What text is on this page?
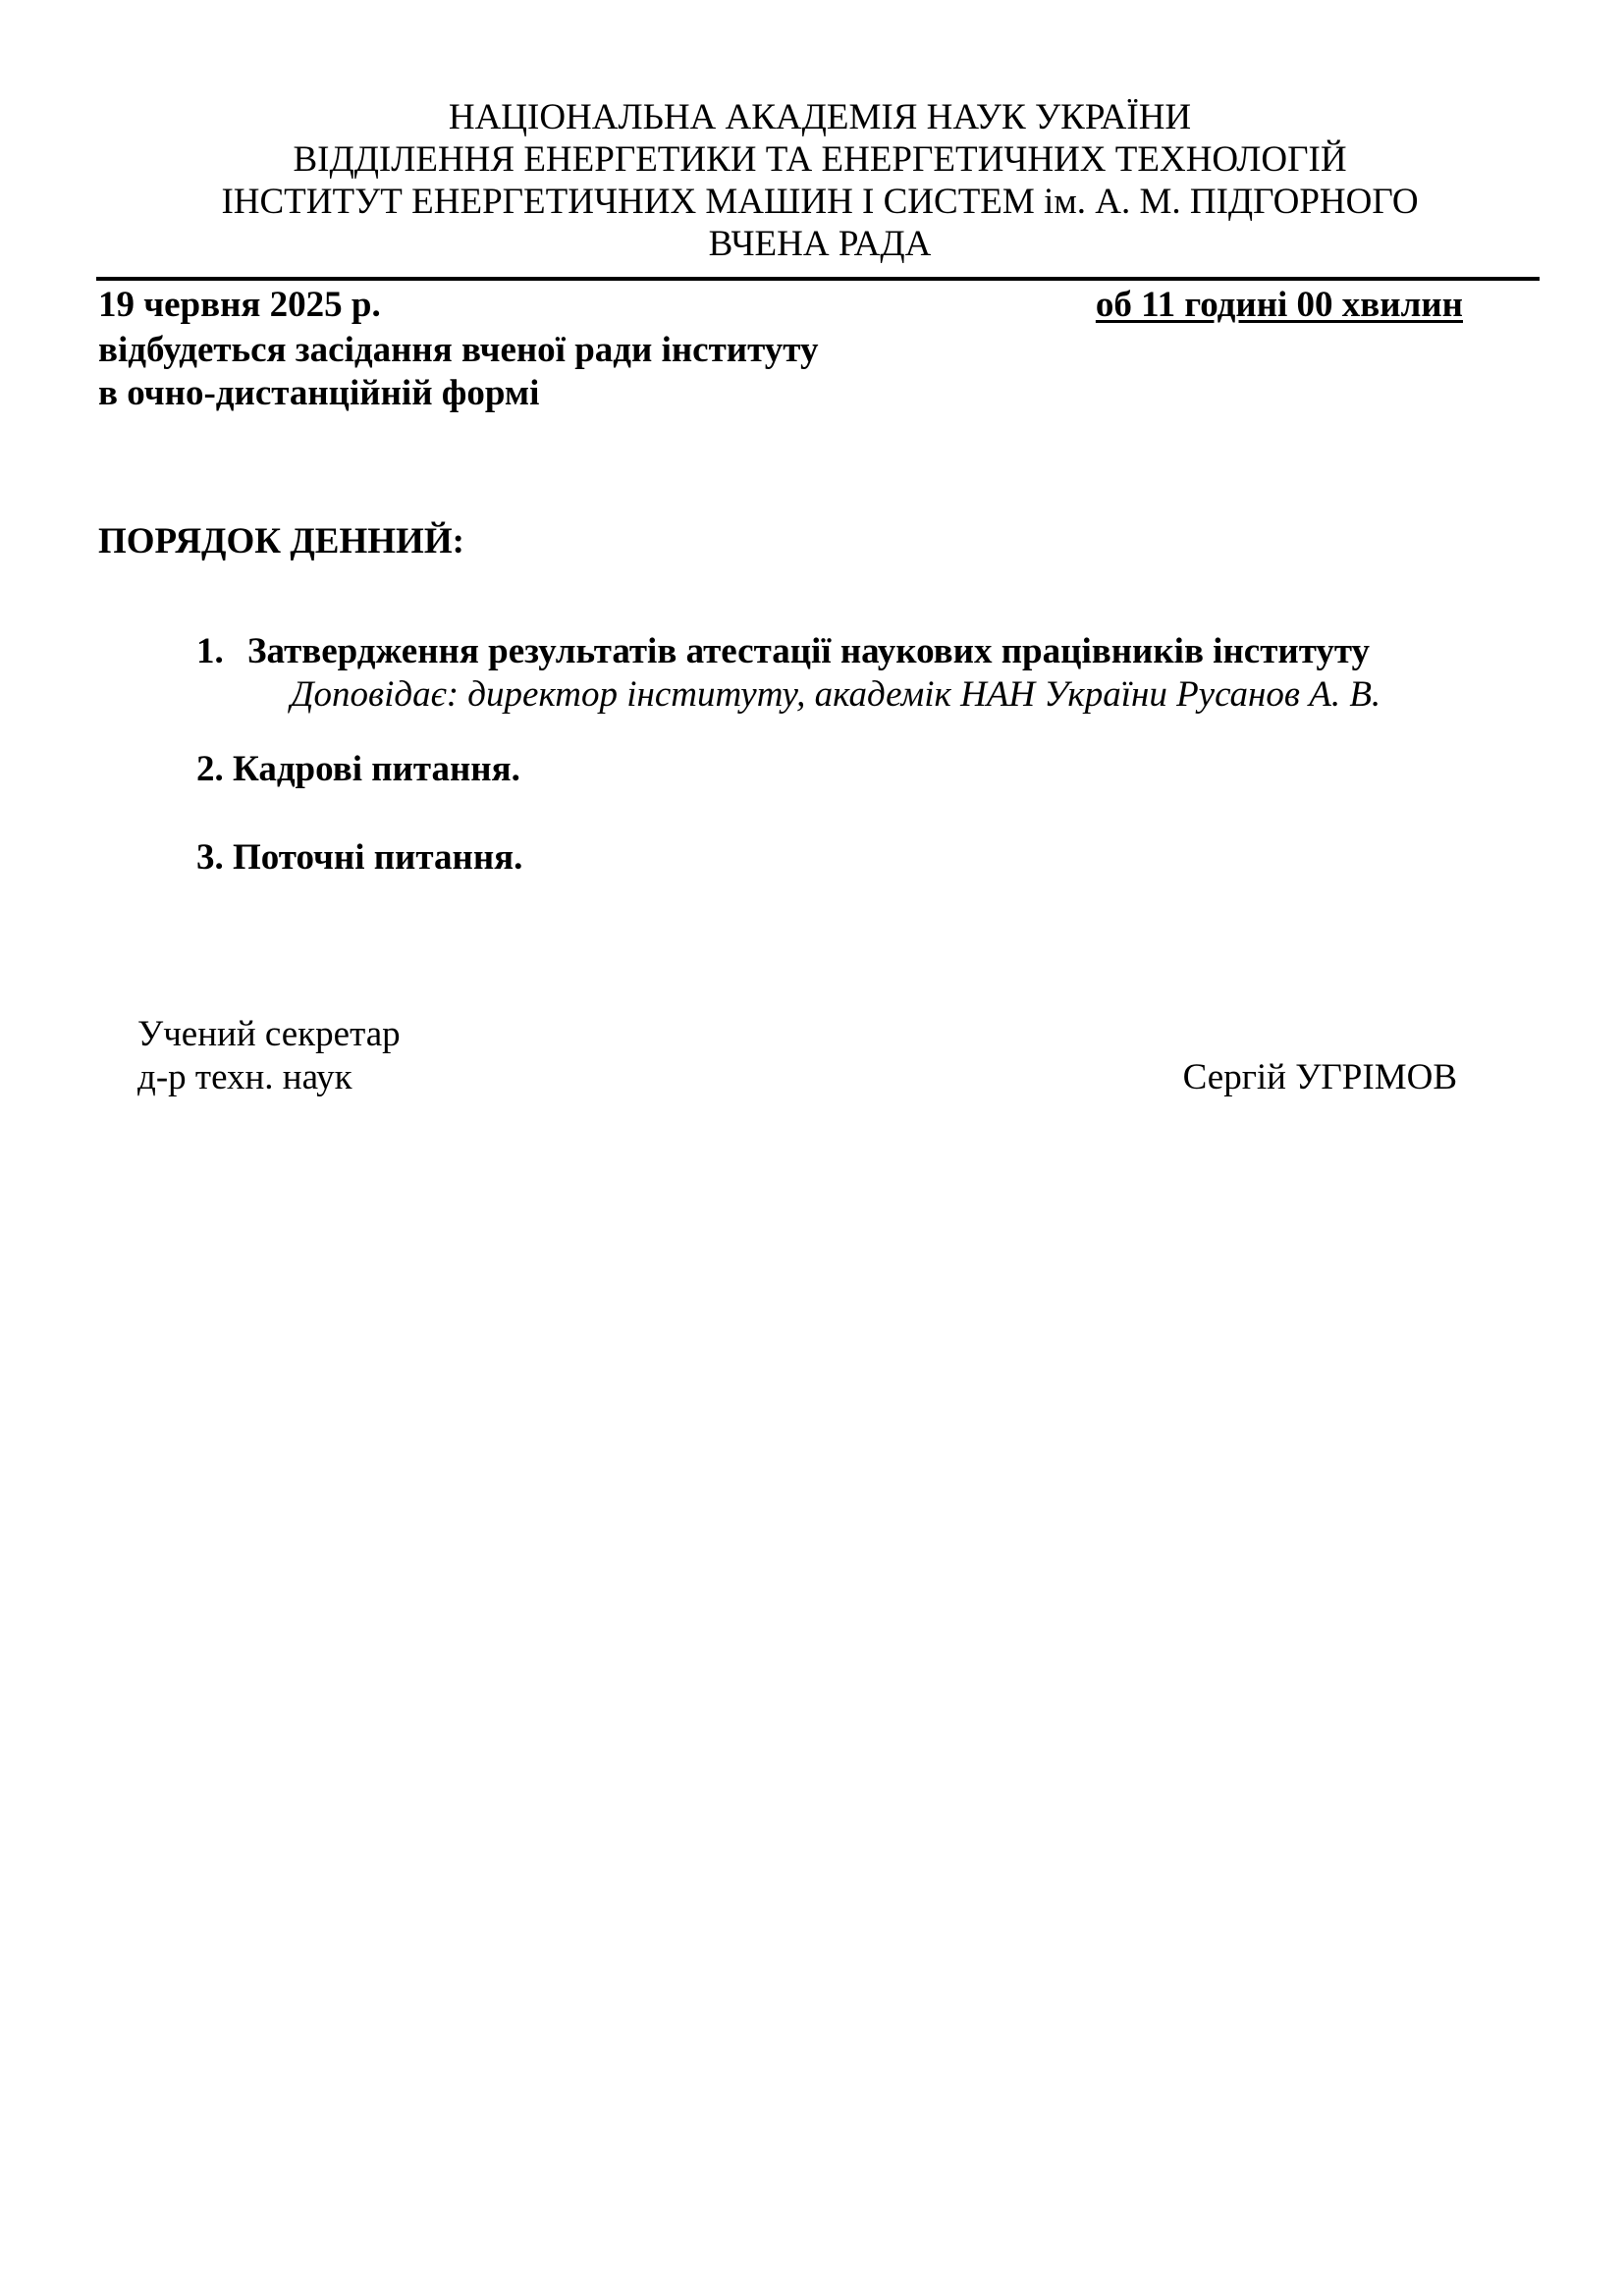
НАЦІОНАЛЬНА АКАДЕМІЯ НАУК УКРАЇНИ
ВІДДІЛЕННЯ ЕНЕРГЕТИКИ ТА ЕНЕРГЕТИЧНИХ ТЕХНОЛОГІЙ
ІНСТИТУТ ЕНЕРГЕТИЧНИХ МАШИН І СИСТЕМ ім. А. М. ПІДГОРНОГО
ВЧЕНА РАДА
19 червня 2025 р.	об 11 годині 00 хвилин
відбудеться засідання вченої ради інституту
в очно-дистанційній формі
ПОРЯДОК ДЕННИЙ:
1. Затвердження результатів атестації наукових працівників інституту
Доповідає: директор інституту, академік НАН України Русанов А. В.
2. Кадрові питання.
3. Поточні питання.
Учений секретар
д-р техн. наук	Сергій УГРІМОВ
